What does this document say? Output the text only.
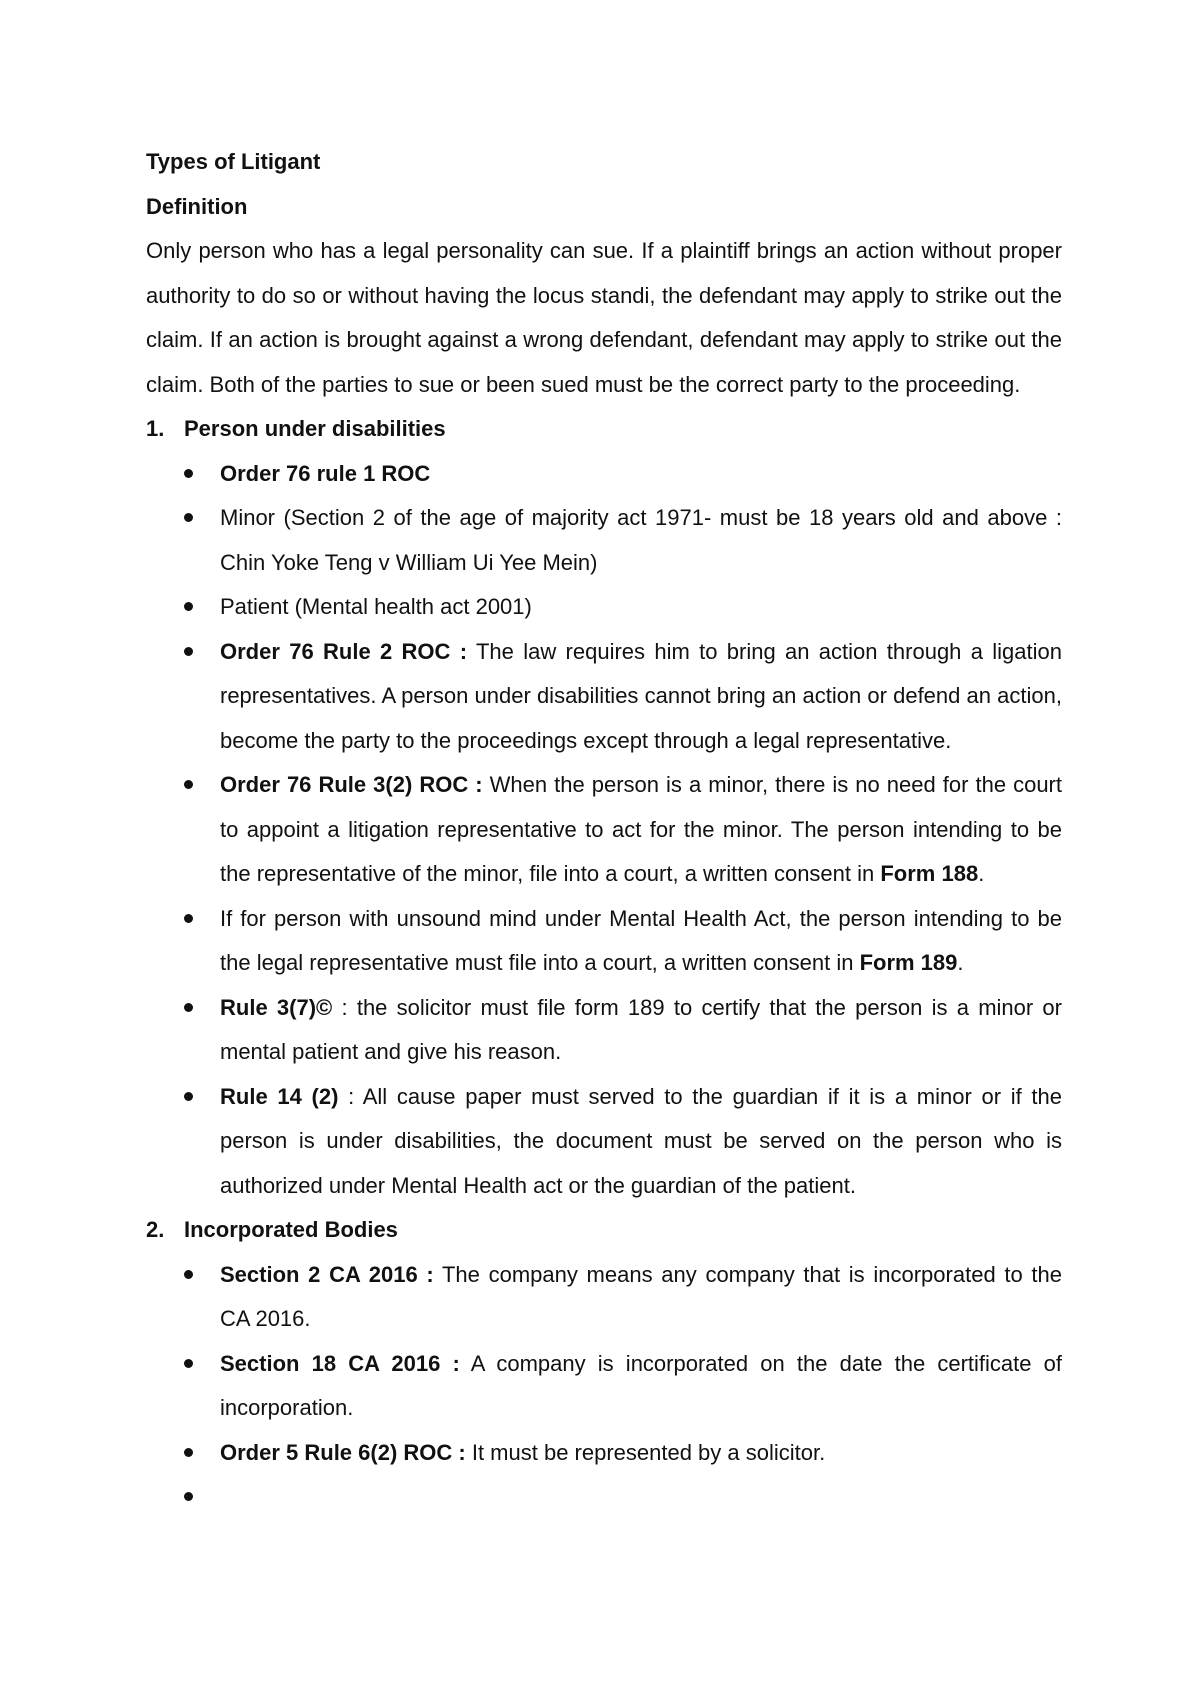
Types of Litigant
Definition
Only person who has a legal personality can sue. If a plaintiff brings an action without proper authority to do so or without having the locus standi, the defendant may apply to strike out the claim. If an action is brought against a wrong defendant, defendant may apply to strike out the claim. Both of the parties to sue or been sued must be the correct party to the proceeding.
1. Person under disabilities
Order 76 rule 1 ROC
Minor (Section 2 of the age of majority act 1971- must be 18 years old and above : Chin Yoke Teng v William Ui Yee Mein)
Patient (Mental health act 2001)
Order 76 Rule 2 ROC : The law requires him to bring an action through a ligation representatives. A person under disabilities cannot bring an action or defend an action, become the party to the proceedings except through a legal representative.
Order 76 Rule 3(2) ROC : When the person is a minor, there is no need for the court to appoint a litigation representative to act for the minor. The person intending to be the representative of the minor, file into a court, a written consent in Form 188.
If for person with unsound mind under Mental Health Act, the person intending to be the legal representative must file into a court, a written consent in Form 189.
Rule 3(7)© : the solicitor must file form 189 to certify that the person is a minor or mental patient and give his reason.
Rule 14 (2) : All cause paper must served to the guardian if it is a minor or if the person is under disabilities, the document must be served on the person who is authorized under Mental Health act or the guardian of the patient.
2. Incorporated Bodies
Section 2 CA 2016 : The company means any company that is incorporated to the CA 2016.
Section 18 CA 2016 : A company is incorporated on the date the certificate of incorporation.
Order 5 Rule 6(2) ROC : It must be represented by a solicitor.
